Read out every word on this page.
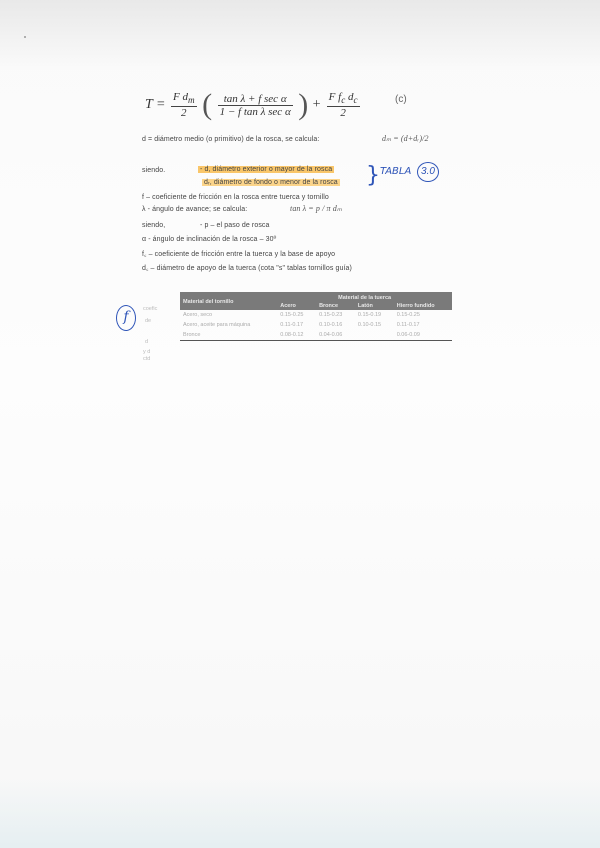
$T = \frac{F d_m}{2}$ ( $\frac{\text{tan λ + f sec α}}{\text{1 − f tan λ sec α}}$ ) + $\frac{F f_c d_c}{2}$	(c)
d = diámetro medio (o primitivo) de la rosca, se calcula:	dₘ = (d+dᵣ)/2
siendo.	- d, diámetro exterior o mayor de la rosca
dᵣ, diámetro de fondo o menor de la rosca } TABLA 3.0
f – coeficiente de fricción en la rosca entre tuerca y tornillo
λ - ángulo de avance; se calcula:	tan λ = p / π dₘ
siendo,	- p – el paso de rosca
α - ángulo de inclinación de la rosca – 30º
f꜀ – coeficiente de fricción entre la tuerca y la base de apoyo
d꜀ – diámetro de apoyo de la tuerca (cota "s" tablas tornillos guía)
f	coefic
de
d
y d
ctd
Material del tornillo	Material de la tuerca			
	Acero	Bronce	Latón	Hierro fundido
Acero, seco	0.15-0.25	0.15-0.23	0.15-0.19	0.15-0.25
Acero, aceite para máquina	0.11-0.17	0.10-0.16	0.10-0.15	0.11-0.17
Bronce	0.08-0.12	0.04-0.06		0.06-0.09
